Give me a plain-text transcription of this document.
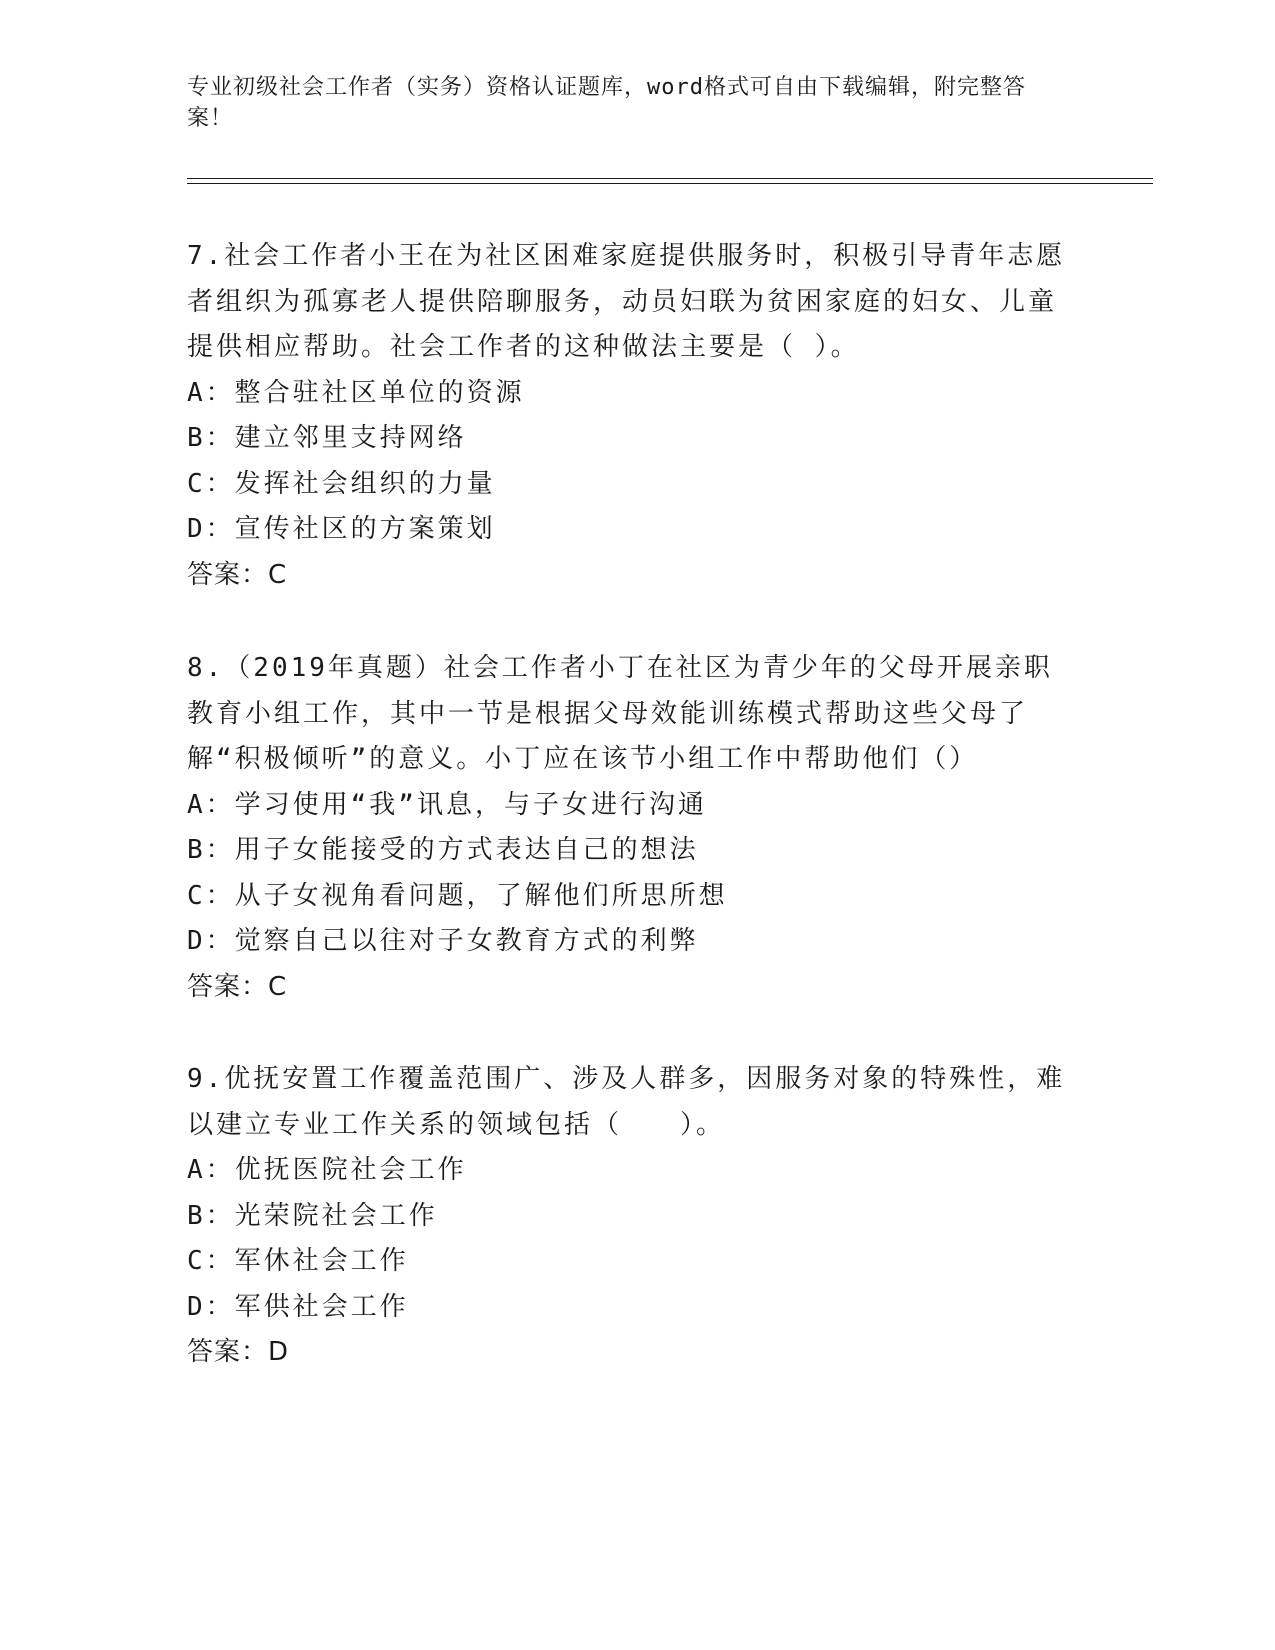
专业初级社会工作者（实务）资格认证题库，word格式可自由下载编辑，附完整答案！
7.社会工作者小王在为社区困难家庭提供服务时，积极引导青年志愿者组织为孤寡老人提供陪聊服务，动员妇联为贫困家庭的妇女、儿童提供相应帮助。社会工作者的这种做法主要是（ ）。
A：整合驻社区单位的资源
B：建立邻里支持网络
C：发挥社会组织的力量
D：宣传社区的方案策划
答案：C
8.（2019年真题）社会工作者小丁在社区为青少年的父母开展亲职教育小组工作，其中一节是根据父母效能训练模式帮助这些父母了解“积极倾听”的意义。小丁应在该节小组工作中帮助他们（）
A：学习使用“我”讯息，与子女进行沟通
B：用子女能接受的方式表达自己的想法
C：从子女视角看问题，了解他们所思所想
D：觉察自己以往对子女教育方式的利弊
答案：C
9.优抚安置工作覆盖范围广、涉及人群多，因服务对象的特殊性，难以建立专业工作关系的领域包括（　　）。
A：优抚医院社会工作
B：光荣院社会工作
C：军休社会工作
D：军供社会工作
答案：D
